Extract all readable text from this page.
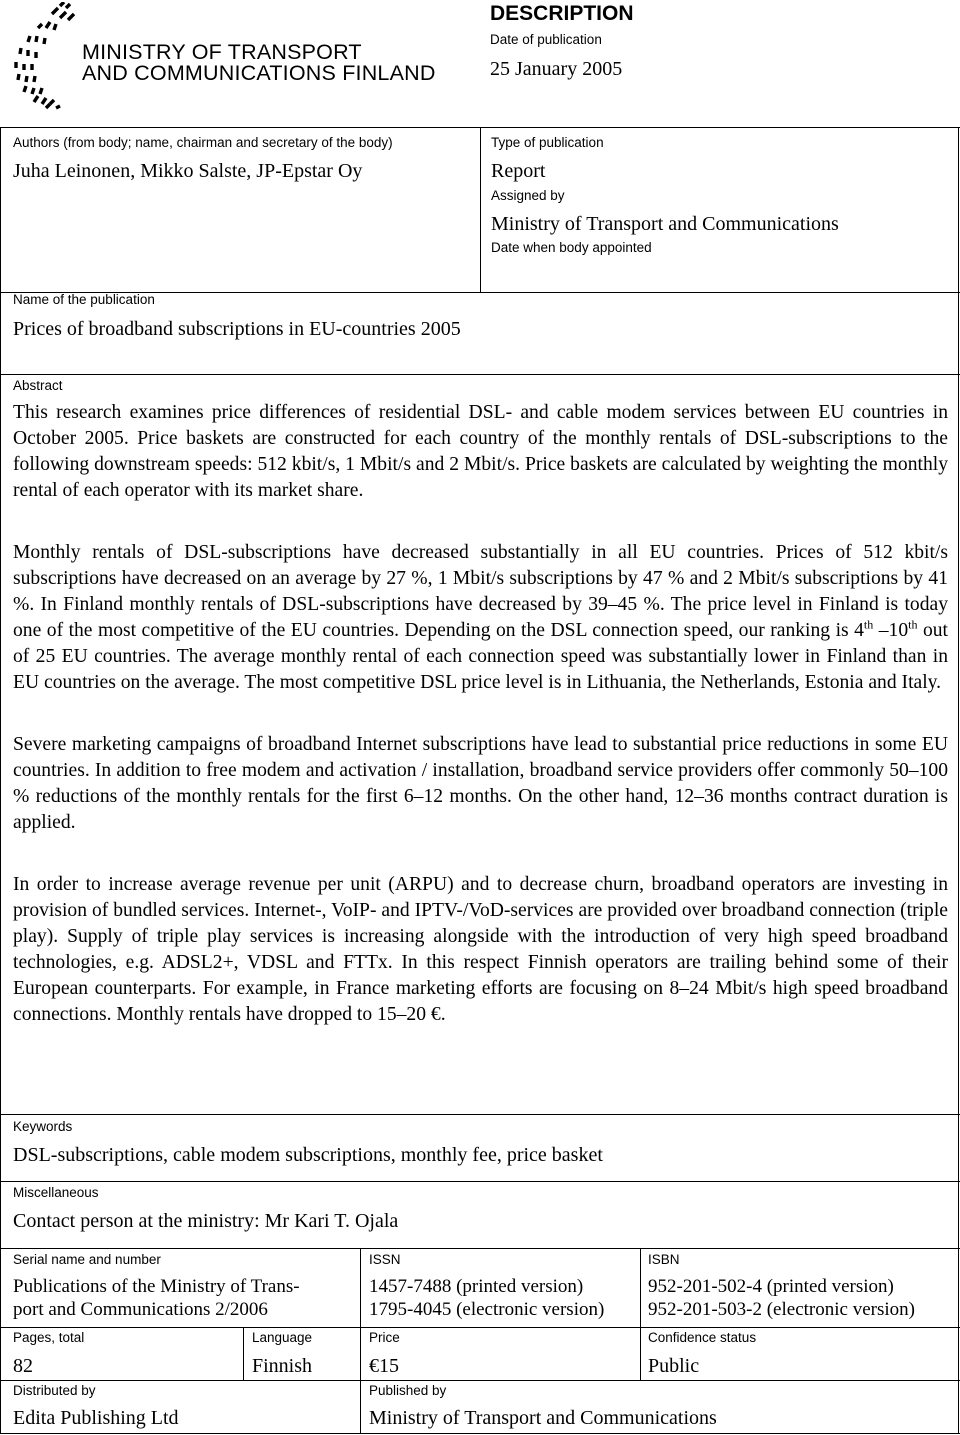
MINISTRY OF TRANSPORT
AND COMMUNICATIONS FINLAND
DESCRIPTION
Date of publication
25 January 2005
Authors (from body; name, chairman and secretary of the body)
Juha Leinonen, Mikko Salste, JP-Epstar Oy
Type of publication
Report
Assigned by
Ministry of Transport and Communications
Date when body appointed
Name of the publication
Prices of broadband subscriptions in EU-countries 2005
Abstract

This research examines price differences of residential DSL- and cable modem services between EU countries in October 2005. Price baskets are constructed for each country of the monthly rentals of DSL-subscriptions to the following downstream speeds: 512 kbit/s, 1 Mbit/s and 2 Mbit/s. Price baskets are calculated by weighting the monthly rental of each operator with its market share.

Monthly rentals of DSL-subscriptions have decreased substantially in all EU countries. Prices of 512 kbit/s subscriptions have decreased on an average by 27 %, 1 Mbit/s subscriptions by 47 % and 2 Mbit/s subscriptions by 41 %. In Finland monthly rentals of DSL-subscriptions have decreased by 39–45 %. The price level in Finland is today one of the most competitive of the EU countries. Depending on the DSL connection speed, our ranking is 4th –10th out of 25 EU countries. The average monthly rental of each connection speed was substantially lower in Finland than in EU countries on the average. The most competitive DSL price level is in Lithuania, the Netherlands, Estonia and Italy.

Severe marketing campaigns of broadband Internet subscriptions have lead to substantial price reductions in some EU countries. In addition to free modem and activation / installation, broadband service providers offer commonly 50–100 % reductions of the monthly rentals for the first 6–12 months. On the other hand, 12–36 months contract duration is applied.

In order to increase average revenue per unit (ARPU) and to decrease churn, broadband operators are investing in provision of bundled services. Internet-, VoIP- and IPTV-/VoD-services are provided over broadband connection (triple play). Supply of triple play services is increasing alongside with the introduction of very high speed broadband technologies, e.g. ADSL2+, VDSL and FTTx. In this respect Finnish operators are trailing behind some of their European counterparts. For example, in France marketing efforts are focusing on 8–24 Mbit/s high speed broadband connections. Monthly rentals have dropped to 15–20 €.

Keywords
DSL-subscriptions, cable modem subscriptions, monthly fee, price basket
Miscellaneous
Contact person at the ministry: Mr Kari T. Ojala
Serial name and number
Publications of the Ministry of Trans-
port and Communications 2/2006
ISSN
1457-7488 (printed version)
1795-4045 (electronic version)
ISBN
952-201-502-4 (printed version)
952-201-503-2 (electronic version)
Pages, total
82
Language
Finnish
Price
€15
Confidence status
Public
Distributed by
Edita Publishing Ltd
Published by
Ministry of Transport and Communications
